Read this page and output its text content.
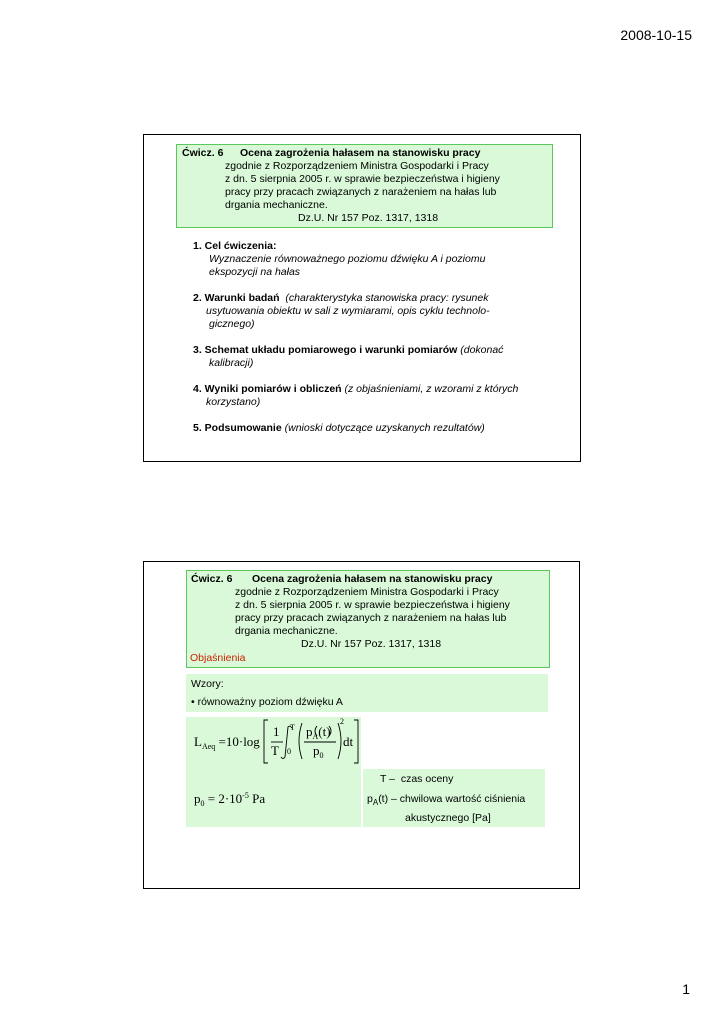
2008-10-15
Ćwicz. 6 Ocena zagrożenia hałasem na stanowisku pracy
zgodnie z Rozporządzeniem Ministra Gospodarki i Pracy
z dn. 5 sierpnia 2005 r. w sprawie bezpieczeństwa i higieny
pracy przy pracach związanych z narażeniem na hałas lub
drgania mechaniczne.
Dz.U. Nr 157 Poz. 1317, 1318
1. Cel ćwiczenia:
Wyznaczenie równoważnego poziomu dźwięku A i poziomu
ekspozycji na hałas
2. Warunki badań (charakterystyka stanowiska pracy: rysunek
usytuowania obiektu w sali z wymiarami, opis cyklu technolo-
gicznego)
3. Schemat układu pomiarowego i warunki pomiarów (dokonać
kalibracji)
4. Wyniki pomiarów i obliczeń (z objaśnieniami, z wzorami z których
korzystano)
5. Podsumowanie (wnioski dotyczące uzyskanych rezultatów)
Ćwicz. 6 Ocena zagrożenia hałasem na stanowisku pracy
zgodnie z Rozporządzeniem Ministra Gospodarki i Pracy
z dn. 5 sierpnia 2005 r. w sprawie bezpieczeństwa i higieny
pracy przy pracach związanych z narażeniem na hałas lub
drgania mechaniczne.
Dz.U. Nr 157 Poz. 1317, 1318
Objaśnienia
Wzory:
• równoważny poziom dźwięku A
$L_{Aeq} =10\cdot\log$
1
T
T
0
$p_A(t)$
$p_0$
2
dt
$p_0 = 2\cdot 10^{-5}$ Pa
T – czas oceny
$p_A(t)$ – chwilowa wartość ciśnienia
akustycznego [Pa]
1
